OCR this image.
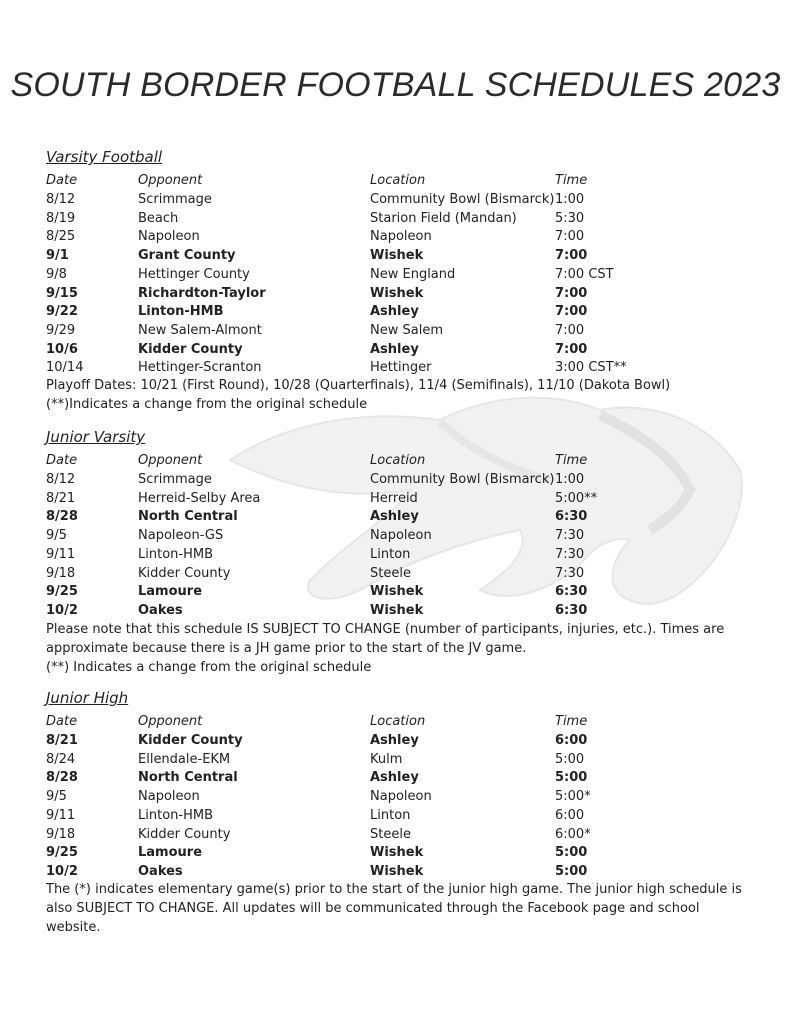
SOUTH BORDER FOOTBALL SCHEDULES 2023
Varsity Football
Date	Opponent	Location	Time
8/12	Scrimmage	Community Bowl (Bismarck) 1:00
8/19	Beach	Starion Field (Mandan)	5:30
8/25	Napoleon	Napoleon	7:00
9/1	Grant County	Wishek	7:00
9/8	Hettinger County	New England	7:00 CST
9/15	Richardton-Taylor	Wishek	7:00
9/22	Linton-HMB	Ashley	7:00
9/29	New Salem-Almont	New Salem	7:00
10/6	Kidder County	Ashley	7:00
10/14	Hettinger-Scranton	Hettinger	3:00 CST**

Playoff Dates: 10/21 (First Round), 10/28 (Quarterfinals), 11/4 (Semifinals), 11/10 (Dakota Bowl)

(**)Indicates a change from the original schedule

Junior Varsity
Date	Opponent	Location	Time
8/12	Scrimmage	Community Bowl (Bismarck) 1:00
8/21	Herreid-Selby Area	Herreid	5:00**
8/28	North Central	Ashley	6:30
9/5	Napoleon-GS	Napoleon	7:30
9/11	Linton-HMB	Linton	7:30
9/18	Kidder County	Steele	7:30
9/25	Lamoure	Wishek	6:30
10/2	Oakes	Wishek	6:30

Please note that this schedule IS SUBJECT TO CHANGE (number of participants, injuries, etc.). Times are approximate because there is a JH game prior to the start of the JV game.

(**) Indicates a change from the original schedule

Junior High
Date	Opponent	Location	Time
8/21	Kidder County	Ashley	6:00
8/24	Ellendale-EKM	Kulm	5:00
8/28	North Central	Ashley	5:00
9/5	Napoleon	Napoleon	5:00*
9/11	Linton-HMB	Linton	6:00
9/18	Kidder County	Steele	6:00*
9/25	Lamoure	Wishek	5:00
10/2	Oakes	Wishek	5:00

The (*) indicates elementary game(s) prior to the start of the junior high game. The junior high schedule is also SUBJECT TO CHANGE. All updates will be communicated through the Facebook page and school website.
